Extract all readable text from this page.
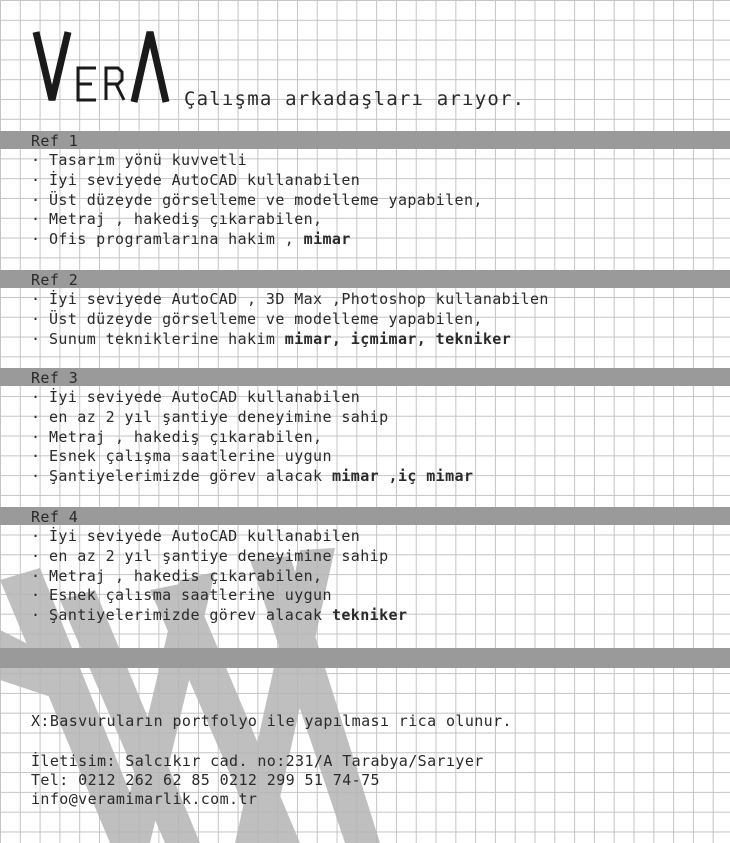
Çalışma arkadaşları arıyor.
Ref 1
· Tasarım yönü kuvvetli
· İyi seviyede AutoCAD kullanabilen
· Üst düzeyde görselleme ve modelleme yapabilen,
· Metraj , hakediş çıkarabilen,
· Ofis programlarına hakim , mimar
Ref 2
· İyi seviyede AutoCAD , 3D Max ,Photoshop kullanabilen
· Üst düzeyde görselleme ve modelleme yapabilen,
· Sunum tekniklerine hakim mimar, içmimar, tekniker
Ref 3
· İyi seviyede AutoCAD kullanabilen
· en az 2 yıl şantiye deneyimine sahip
· Metraj , hakediş çıkarabilen,
· Esnek çalışma saatlerine uygun
· Şantiyelerimizde görev alacak mimar ,iç mimar
Ref 4
· İyi seviyede AutoCAD kullanabilen
· en az 2 yıl şantiye deneyimine sahip
· Metraj , hakedis çıkarabilen,
· Esnek çalısma saatlerine uygun
· Şantiyelerimizde görev alacak tekniker
X:Basvuruların portfolyo ile yapılması rica olunur.
İletisim: Salcıkır cad. no:231/A Tarabya/Sarıyer
Tel: 0212 262 62 85 0212 299 51 74-75
info@veramimarlik.com.tr
